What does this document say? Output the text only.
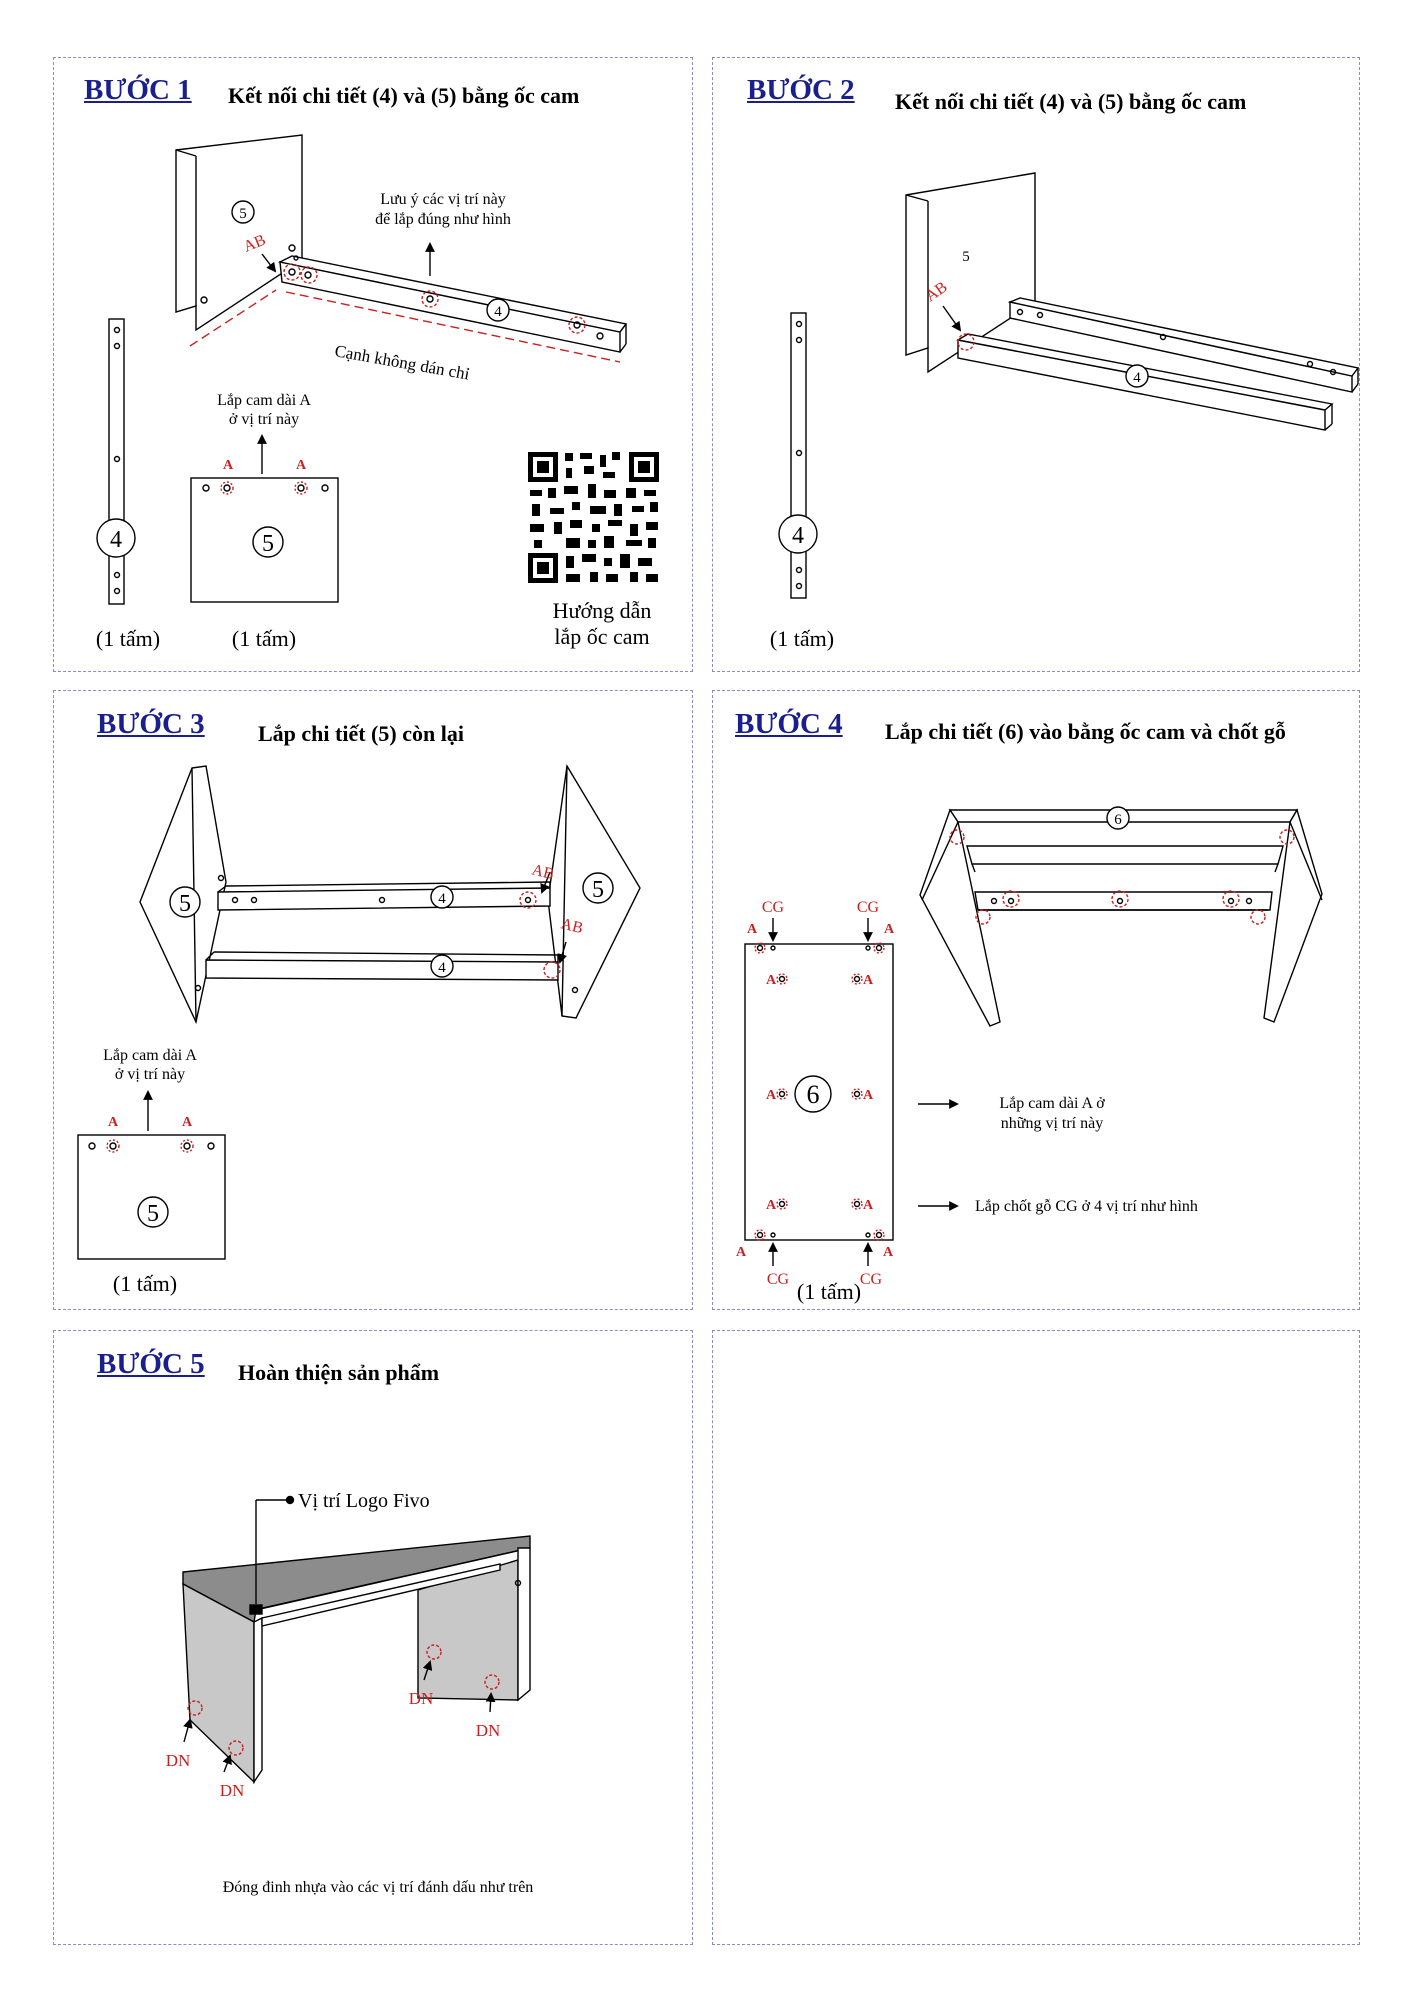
BƯỚC 1 Kết nối chi tiết (4) và (5) bằng ốc cam	BƯỚC 2 Kết nối chi tiết (4) và (5) bằng ốc cam
BƯỚC 3 Lắp chi tiết (5) còn lại	BƯỚC 4 Lắp chi tiết (6) vào bằng ốc cam và chốt gỗ
BƯỚC 5 Hoàn thiện sản phẩm
5
AB
Lưu ý các vị trí này
để lắp đúng như hình
4
Cạnh không dán chỉ
4
Lắp cam dài A
ở vị trí này
A	A
5
(1 tấm)	(1 tấm)
Hướng dẫn
lắp ốc cam
5
AB
4
4
(1 tấm)
5
5
4
4
AB
AB
Lắp cam dài A
ở vị trí này
A	A
5
(1 tấm)
CG	CG
CG	CG
A	A
A	A
A	A
A	A
A	A
6
6
Lắp cam dài A ở
những vị trí này
Lắp chốt gỗ CG ở 4 vị trí như hình
(1 tấm)
Vị trí Logo Fivo
DN
DN
DN
DN
Đóng đinh nhựa vào các vị trí đánh dấu như trên
